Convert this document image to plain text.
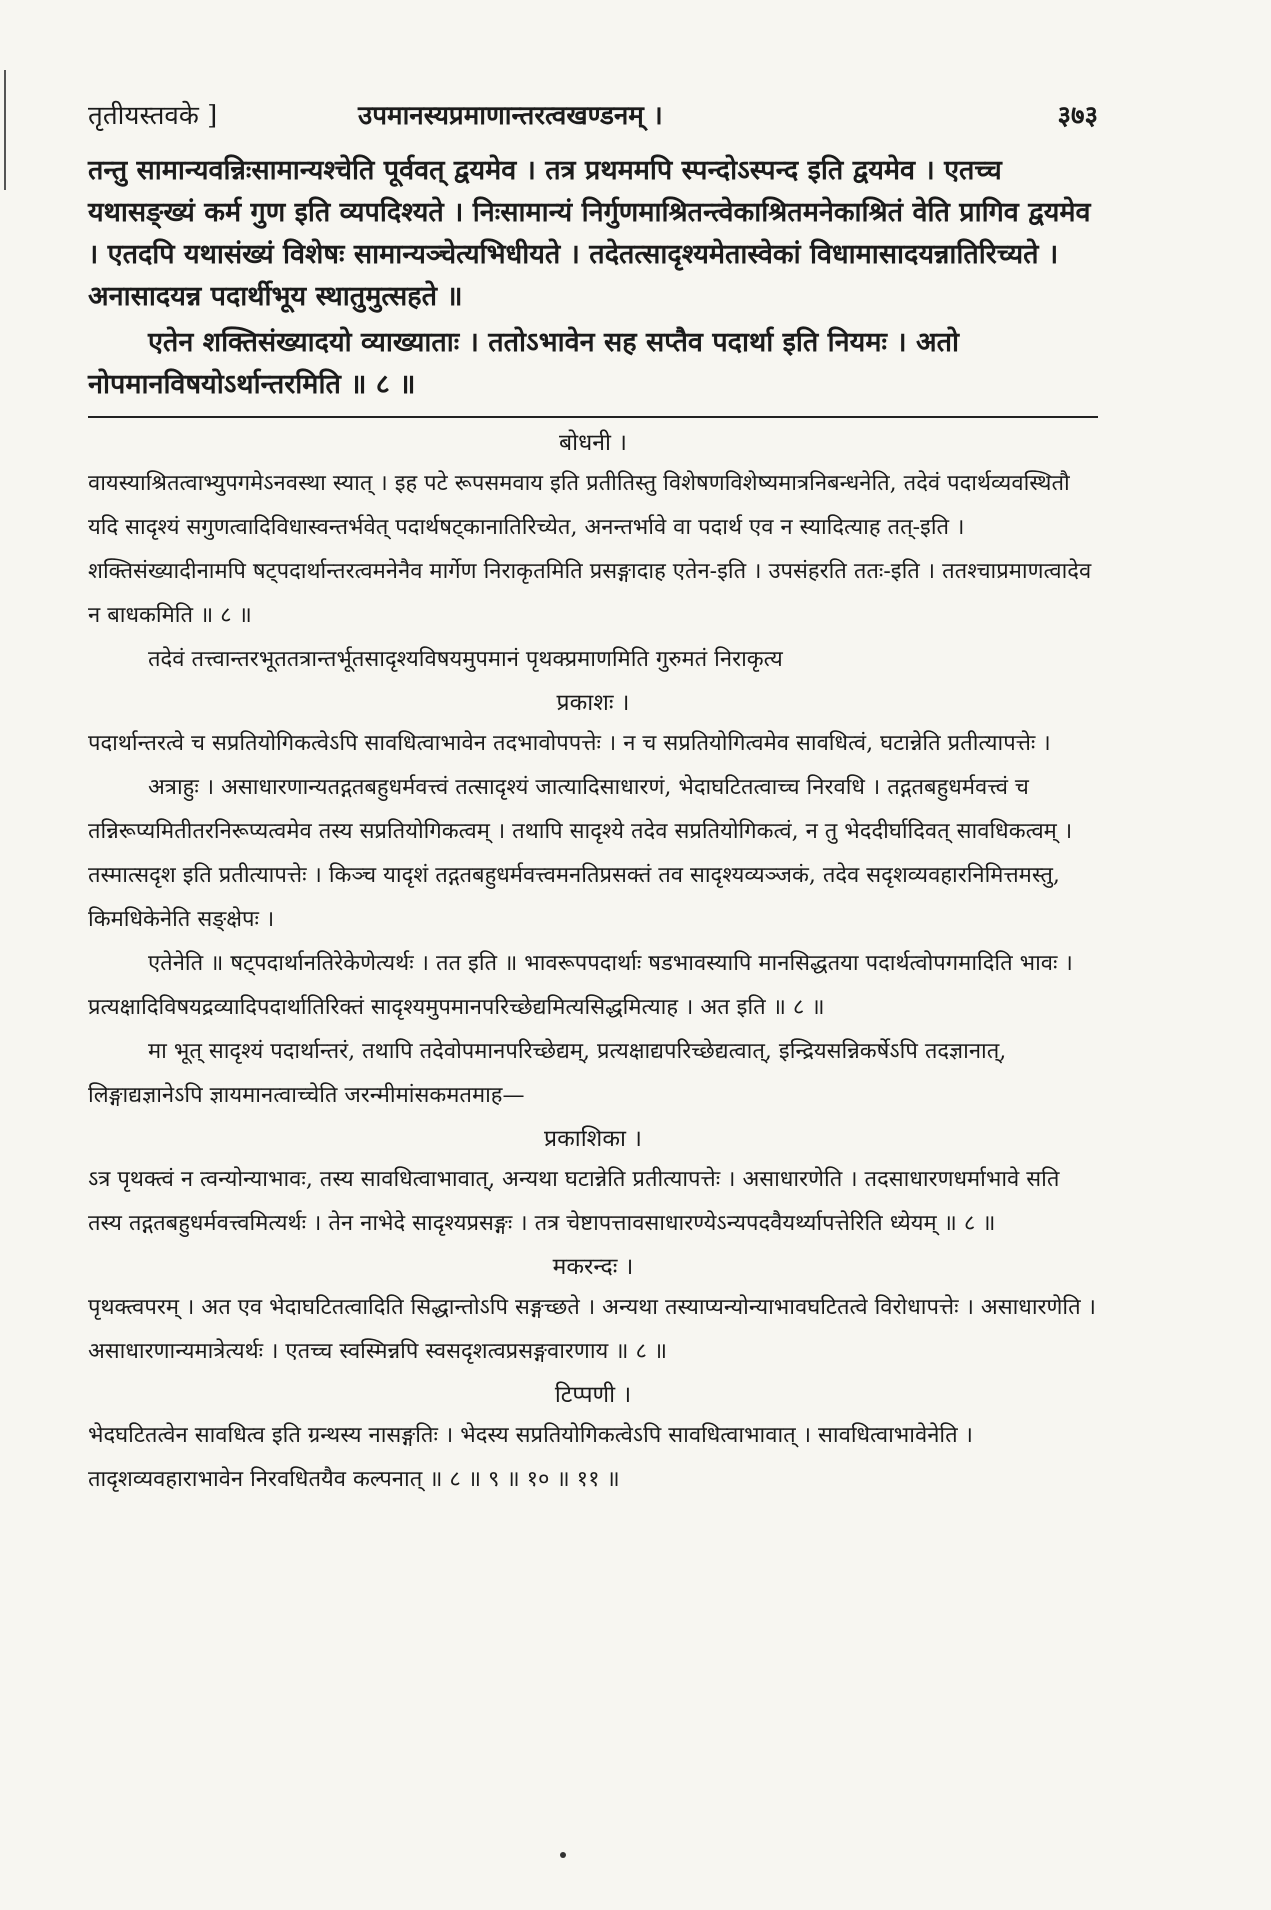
तृतीयस्तवके ]	उपमानस्यप्रमाणान्तरत्वखण्डनम् ।	३७३

तन्तु सामान्यवन्निःसामान्यश्चेति पूर्ववत् द्वयमेव । तत्र प्रथममपि स्पन्दोऽस्पन्द इति द्वयमेव । एतच्च यथासङ्ख्यं कर्म गुण इति व्यपदिश्यते । निःसामान्यं निर्गुणमाश्रितन्त्वेकाश्रितमनेकाश्रितं वेति प्रागिव द्वयमेव । एतदपि यथासंख्यं विशेषः सामान्यञ्चेत्यभिधीयते । तदेतत्सादृश्यमेतास्वेकां विधामासादयन्नातिरिच्यते । अनासादयन्न पदार्थीभूय स्थातुमुत्सहते ॥

एतेन शक्तिसंख्यादयो व्याख्याताः । ततोऽभावेन सह सप्तैव पदार्था इति नियमः । अतो नोपमानविषयोऽर्थान्तरमिति ॥ ८ ॥

बोधनी ।

वायस्याश्रितत्वाभ्युपगमेऽनवस्था स्यात् । इह पटे रूपसमवाय इति प्रतीतिस्तु विशेषणविशेष्यमात्रनिबन्धनेति, तदेवं पदार्थव्यवस्थितौ यदि सादृश्यं सगुणत्वादिविधास्वन्तर्भवेत् पदार्थषट्कानातिरिच्येत, अनन्तर्भावे वा पदार्थ एव न स्यादित्याह तत्-इति । शक्तिसंख्यादीनामपि षट्पदार्थान्तरत्वमनेनैव मार्गेण निराकृतमिति प्रसङ्गादाह एतेन-इति । उपसंहरति ततः-इति । ततश्चाप्रमाणत्वादेव न बाधकमिति ॥ ८ ॥

तदेवं तत्त्वान्तरभूततत्रान्तर्भूतसादृश्यविषयमुपमानं पृथक्प्रमाणमिति गुरुमतं निराकृत्य

प्रकाशः ।

पदार्थान्तरत्वे च सप्रतियोगिकत्वेऽपि सावधित्वाभावेन तदभावोपपत्तेः । न च सप्रतियोगित्वमेव सावधित्वं, घटान्नेति प्रतीत्यापत्तेः ।

अत्राहुः । असाधारणान्यतद्गतबहुधर्मवत्त्वं तत्सादृश्यं जात्यादिसाधारणं, भेदाघटितत्वाच्च निरवधि । तद्गतबहुधर्मवत्त्वं च तन्निरूप्यमितीतरनिरूप्यत्वमेव तस्य सप्रतियोगिकत्वम् । तथापि सादृश्ये तदेव सप्रतियोगिकत्वं, न तु भेददीर्घादिवत् सावधिकत्वम् । तस्मात्सदृश इति प्रतीत्यापत्तेः । किञ्च यादृशं तद्गतबहुधर्मवत्त्वमनतिप्रसक्तं तव सादृश्यव्यञ्जकं, तदेव सदृशव्यवहारनिमित्तमस्तु, किमधिकेनेति सङ्क्षेपः ।

एतेनेति ॥ षट्पदार्थानतिरेकेणेत्यर्थः । तत इति ॥ भावरूपपदार्थाः षडभावस्यापि मानसिद्धतया पदार्थत्वोपगमादिति भावः । प्रत्यक्षादिविषयद्रव्यादिपदार्थातिरिक्तं सादृश्यमुपमानपरिच्छेद्यमित्यसिद्धमित्याह । अत इति ॥ ८ ॥

मा भूत् सादृश्यं पदार्थान्तरं, तथापि तदेवोपमानपरिच्छेद्यम्, प्रत्यक्षाद्यपरिच्छेद्यत्वात्, इन्द्रियसन्निकर्षेऽपि तदज्ञानात्, लिङ्गाद्यज्ञानेऽपि ज्ञायमानत्वाच्चेति जरन्मीमांसकमतमाह—

प्रकाशिका ।

ऽत्र पृथक्त्वं न त्वन्योन्याभावः, तस्य सावधित्वाभावात्, अन्यथा घटान्नेति प्रतीत्यापत्तेः । असाधारणेति । तदसाधारणधर्माभावे सति तस्य तद्गतबहुधर्मवत्त्वमित्यर्थः । तेन नाभेदे सादृश्यप्रसङ्गः । तत्र चेष्टापत्तावसाधारण्येऽन्यपदवैयर्थ्यापत्तेरिति ध्येयम् ॥ ८ ॥

मकरन्दः ।

पृथक्त्वपरम् । अत एव भेदाघटितत्वादिति सिद्धान्तोऽपि सङ्गच्छते । अन्यथा तस्याप्यन्योन्याभावघटितत्वे विरोधापत्तेः । असाधारणेति । असाधारणान्यमात्रेत्यर्थः । एतच्च स्वस्मिन्नपि स्वसदृशत्वप्रसङ्गवारणाय ॥ ८ ॥

टिप्पणी ।

भेदघटितत्वेन सावधित्व इति ग्रन्थस्य नासङ्गतिः । भेदस्य सप्रतियोगिकत्वेऽपि सावधित्वाभावात् । सावधित्वाभावेनेति । तादृशव्यवहाराभावेन निरवधितयैव कल्पनात् ॥ ८ ॥ ९ ॥ १० ॥ ११ ॥
